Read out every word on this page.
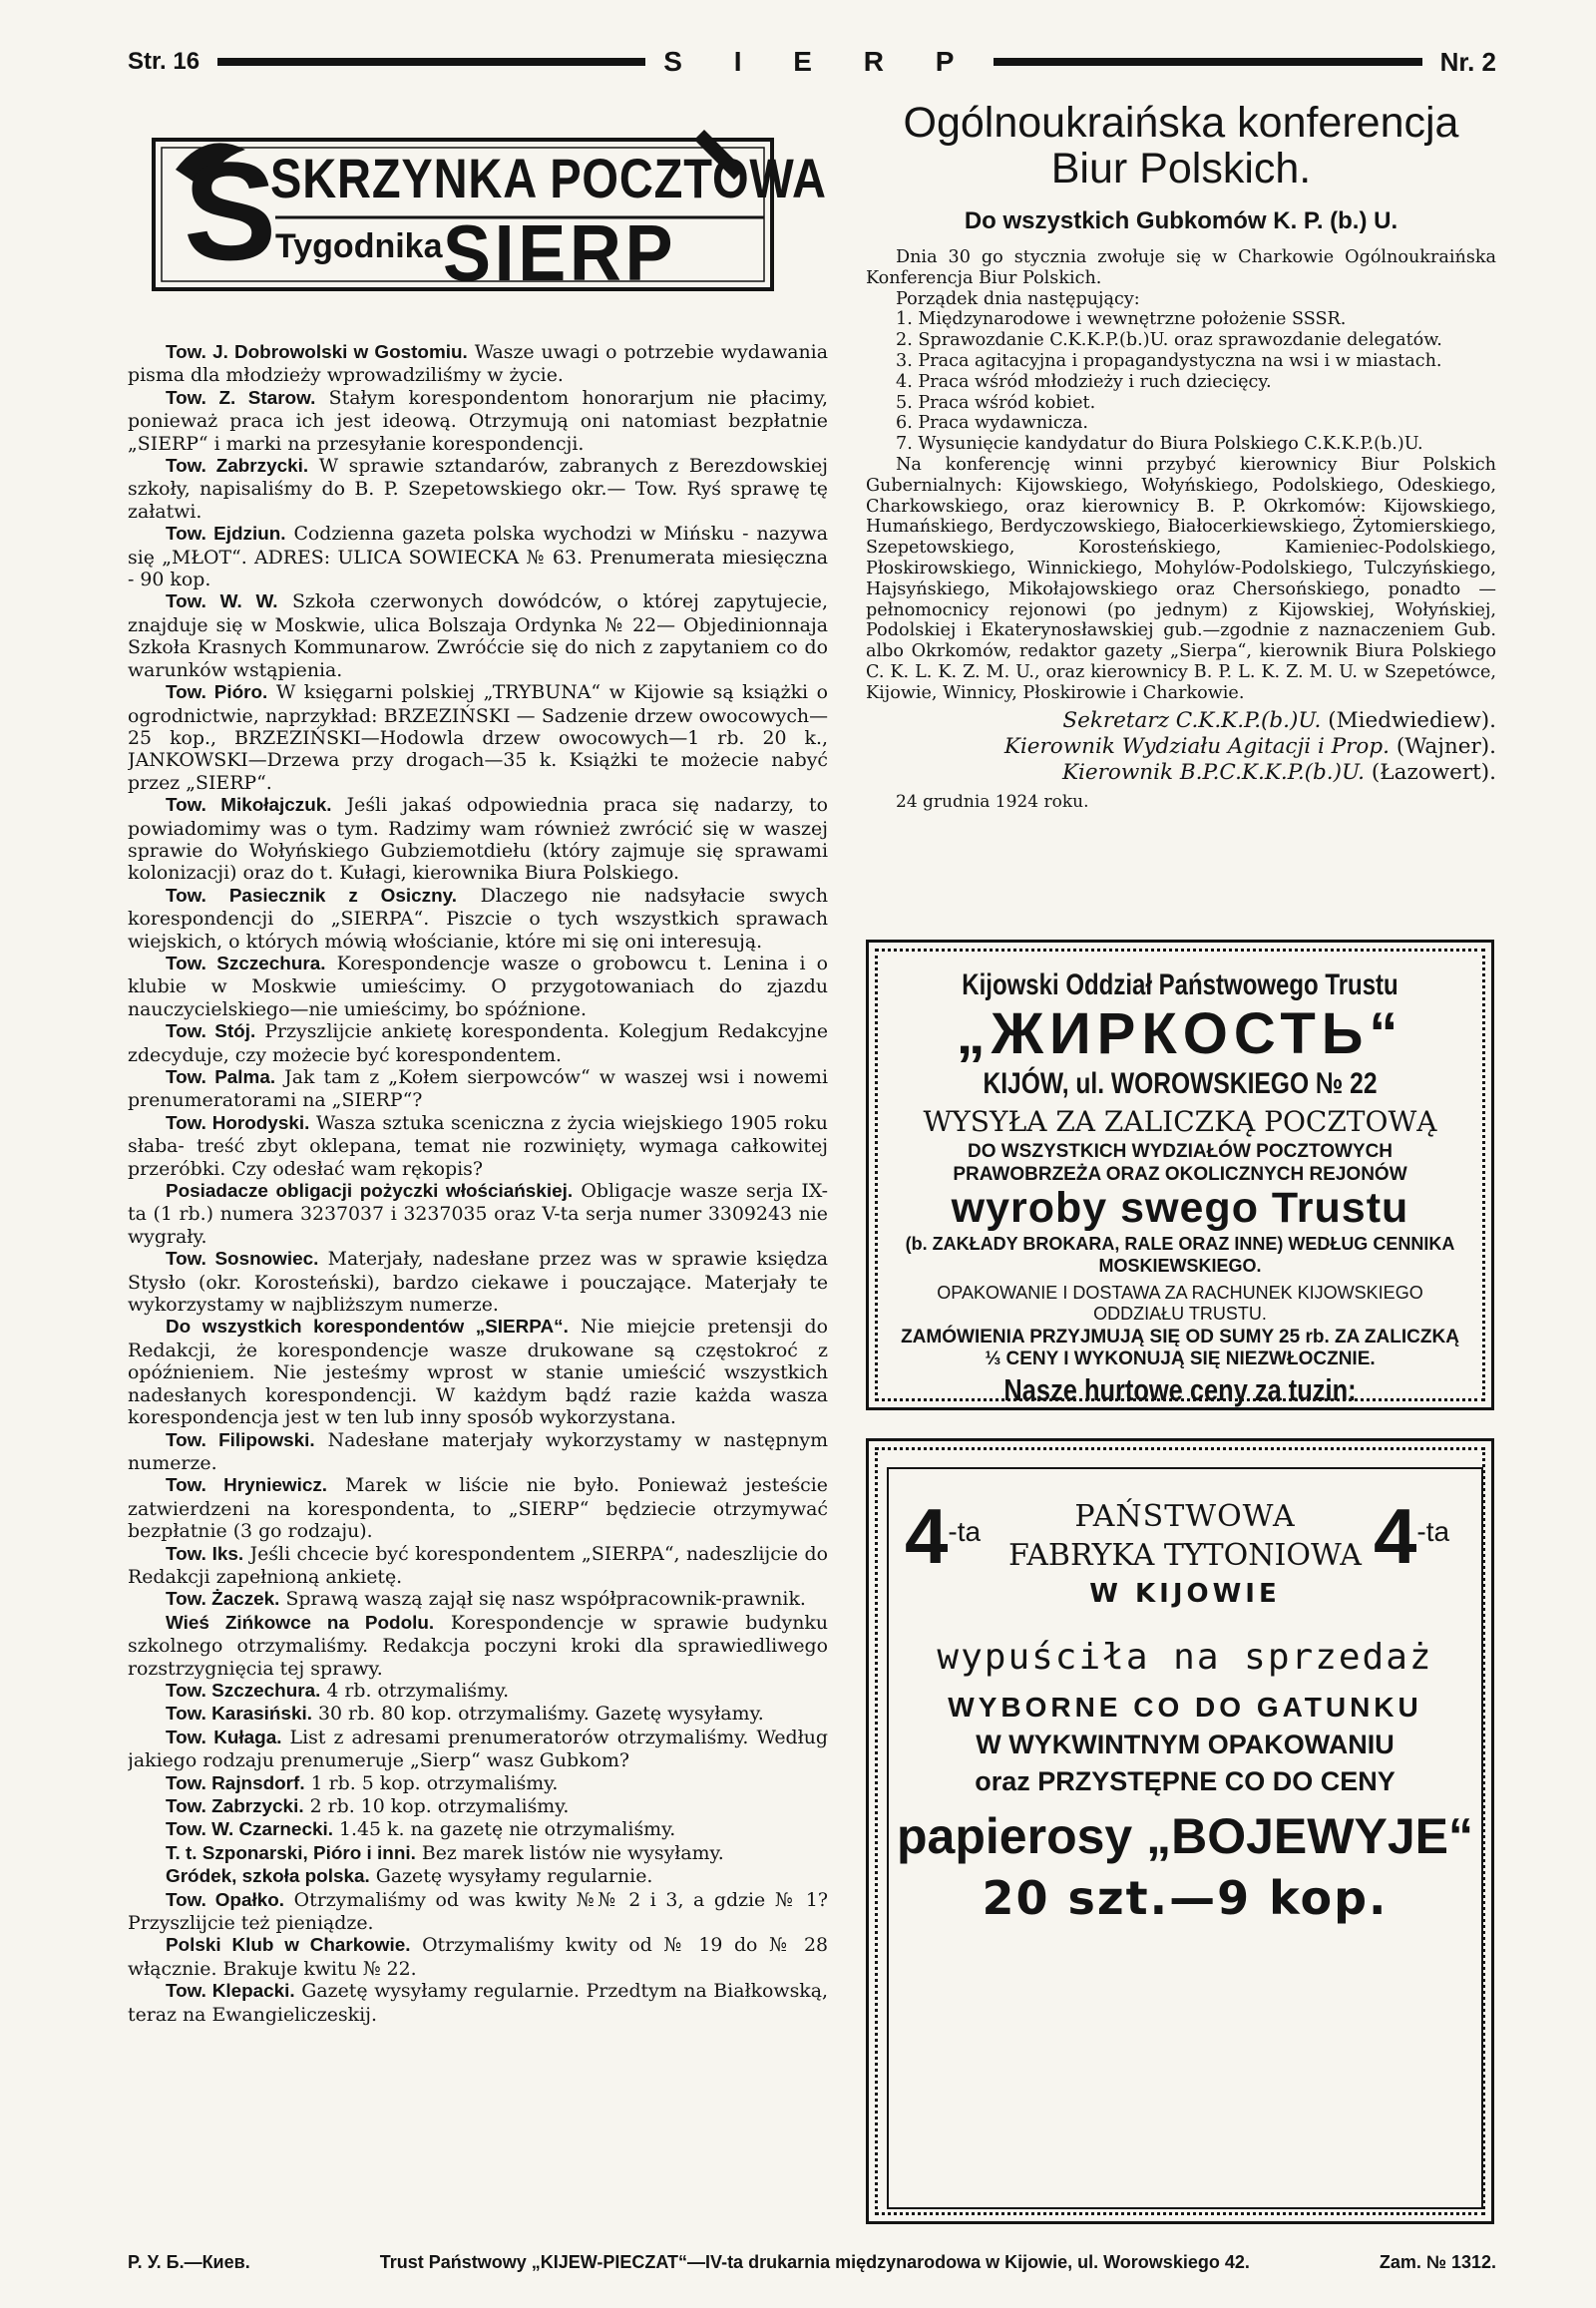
Str. 16	S I E R P	Nr. 2
S
SKRZYNKA POCZTOWA
Tygodnika SIERP

Tow. J. Dobrowolski w Gostomiu. Wasze uwagi o potrzebie wydawania pisma dla młodzieży wprowadziliśmy w życie.

Tow. Z. Starow. Stałym korespondentom honorarjum nie płacimy, ponieważ praca ich jest ideową. Otrzymują oni natomiast bezpłatnie „SIERP“ i marki na przesyłanie korespondencji.

Tow. Zabrzycki. W sprawie sztandarów, zabranych z Berezdowskiej szkoły, napisaliśmy do B. P. Szepetowskiego okr.— Tow. Ryś sprawę tę załatwi.

Tow. Ejdziun. Codzienna gazeta polska wychodzi w Mińsku - nazywa się „MŁOT“. ADRES: ULICA SOWIECKA № 63. Prenumerata miesięczna - 90 kop.

Tow. W. W. Szkoła czerwonych dowódców, o której zapytujecie, znajduje się w Moskwie, ulica Bolszaja Ordynka № 22— Objedinionnaja Szkoła Krasnych Kommunarow. Zwróćcie się do nich z zapytaniem co do warunków wstąpienia.

Tow. Pióro. W księgarni polskiej „TRYBUNA“ w Kijowie są książki o ogrodnictwie, naprzykład: BRZEZIŃSKI — Sadzenie drzew owocowych—25 kop., BRZEZIŃSKI—Hodowla drzew owocowych—1 rb. 20 k., JANKOWSKI—Drzewa przy drogach—35 k. Książki te możecie nabyć przez „SIERP“.

Tow. Mikołajczuk. Jeśli jakaś odpowiednia praca się nadarzy, to powiadomimy was o tym. Radzimy wam również zwrócić się w waszej sprawie do Wołyńskiego Gubziemotdiełu (który zajmuje się sprawami kolonizacji) oraz do t. Kułagi, kierownika Biura Polskiego.

Tow. Pasiecznik z Osiczny. Dlaczego nie nadsyłacie swych korespondencji do „SIERPA“. Piszcie o tych wszystkich sprawach wiejskich, o których mówią włościanie, które mi się oni interesują.

Tow. Szczechura. Korespondencje wasze o grobowcu t. Lenina i o klubie w Moskwie umieścimy. O przygotowaniach do zjazdu nauczycielskiego—nie umieścimy, bo spóźnione.

Tow. Stój. Przyszlijcie ankietę korespondenta. Kolegjum Redakcyjne zdecyduje, czy możecie być korespondentem.

Tow. Palma. Jak tam z „Kołem sierpowców“ w waszej wsi i nowemi prenumeratorami na „SIERP“?

Tow. Horodyski. Wasza sztuka sceniczna z życia wiejskiego 1905 roku słaba- treść zbyt oklepana, temat nie rozwinięty, wymaga całkowitej przeróbki. Czy odesłać wam rękopis?

Posiadacze obligacji pożyczki włościańskiej. Obligacje wasze serja IX-ta (1 rb.) numera 3237037 i 3237035 oraz V-ta serja numer 3309243 nie wygrały.

Tow. Sosnowiec. Materjały, nadesłane przez was w sprawie księdza Stysło (okr. Korosteński), bardzo ciekawe i pouczające. Materjały te wykorzystamy w najbliższym numerze.

Do wszystkich korespondentów „SIERPA“. Nie miejcie pretensji do Redakcji, że korespondencje wasze drukowane są częstokroć z opóźnieniem. Nie jesteśmy wprost w stanie umieścić wszystkich nadesłanych korespondencji. W każdym bądź razie każda wasza korespondencja jest w ten lub inny sposób wykorzystana.

Tow. Filipowski. Nadesłane materjały wykorzystamy w następnym numerze.

Tow. Hryniewicz. Marek w liście nie było. Ponieważ jesteście zatwierdzeni na korespondenta, to „SIERP“ będziecie otrzymywać bezpłatnie (3 go rodzaju).

Tow. Iks. Jeśli chcecie być korespondentem „SIERPA“, nadeszlijcie do Redakcji zapełnioną ankietę.

Tow. Żaczek. Sprawą waszą zajął się nasz współpracownik-prawnik.

Wieś Zińkowce na Podolu. Korespondencje w sprawie budynku szkolnego otrzymaliśmy. Redakcja poczyni kroki dla sprawiedliwego rozstrzygnięcia tej sprawy.

Tow. Szczechura. 4 rb. otrzymaliśmy.

Tow. Karasiński. 30 rb. 80 kop. otrzymaliśmy. Gazetę wysyłamy.

Tow. Kułaga. List z adresami prenumeratorów otrzymaliśmy. Według jakiego rodzaju prenumeruje „Sierp“ wasz Gubkom?

Tow. Rajnsdorf. 1 rb. 5 kop. otrzymaliśmy.

Tow. Zabrzycki. 2 rb. 10 kop. otrzymaliśmy.

Tow. W. Czarnecki. 1.45 k. na gazetę nie otrzymaliśmy.

T. t. Szponarski, Pióro i inni. Bez marek listów nie wysyłamy.

Gródek, szkoła polska. Gazetę wysyłamy regularnie.

Tow. Opałko. Otrzymaliśmy od was kwity №№ 2 i 3, a gdzie № 1? Przyszlijcie też pieniądze.

Polski Klub w Charkowie. Otrzymaliśmy kwity od № 19 do № 28 włącznie. Brakuje kwitu № 22.

Tow. Klepacki. Gazetę wysyłamy regularnie. Przedtym na Białkowską, teraz na Ewangieliczeskij.

Ogólnoukraińska konferencja
Biur Polskich.
Do wszystkich Gubkomów K. P. (b.) U.

Dnia 30 go stycznia zwołuje się w Charkowie Ogólnoukraińska Konferencja Biur Polskich.

Porządek dnia następujący:

1. Międzynarodowe i wewnętrzne położenie SSSR.
2. Sprawozdanie C.K.K.P.(b.)U. oraz sprawozdanie delegatów.
3. Praca agitacyjna i propagandystyczna na wsi i w miastach.
4. Praca wśród młodzieży i ruch dziecięcy.
5. Praca wśród kobiet.
6. Praca wydawnicza.
7. Wysunięcie kandydatur do Biura Polskiego C.K.K.P.(b.)U.

Na konferencję winni przybyć kierownicy Biur Polskich Gubernialnych: Kijowskiego, Wołyńskiego, Podolskiego, Odeskiego, Charkowskiego, oraz kierownicy B. P. Okrkomów: Kijowskiego, Humańskiego, Berdyczowskiego, Białocerkiewskiego, Żytomierskiego, Szepetowskiego, Korosteńskiego, Kamieniec-Podolskiego, Płoskirowskiego, Winnickiego, Mohylów-Podolskiego, Tulczyńskiego, Hajsyńskiego, Mikołajowskiego oraz Chersońskiego, ponadto — pełnomocnicy rejonowi (po jednym) z Kijowskiej, Wołyńskiej, Podolskiej i Ekaterynosławskiej gub.—zgodnie z naznaczeniem Gub. albo Okrkomów, redaktor gazety „Sierpa“, kierownik Biura Polskiego C. K. L. K. Z. M. U., oraz kierownicy B. P. L. K. Z. M. U. w Szepetówce, Kijowie, Winnicy, Płoskirowie i Charkowie.

Sekretarz C.K.K.P.(b.)U. (Miedwiediew).
Kierownik Wydziału Agitacji i Prop. (Wajner).
Kierownik B.P.C.K.K.P.(b.)U. (Łazowert).
24 grudnia 1924 roku.
Kijowski Oddział Państwowego Trustu
„ЖИРКОСТЬ“
KIJÓW, ul. WOROWSKIEGO № 22
WYSYŁA ZA ZALICZKĄ POCZTOWĄ
DO WSZYSTKICH WYDZIAŁÓW POCZTOWYCH PRAWOBRZEŻA ORAZ OKOLICZNYCH REJONÓW
wyroby swego Trustu
(b. ZAKŁADY BROKARA, RALE ORAZ INNE) WEDŁUG CENNIKA MOSKIEWSKIEGO.
OPAKOWANIE I DOSTAWA ZA RACHUNEK KIJOWSKIEGO ODDZIAŁU TRUSTU.
ZAMÓWIENIA PRZYJMUJĄ SIĘ OD SUMY 25 rb. ZA ZALICZKĄ ⅓ CENY I WYKONUJĄ SIĘ NIEZWŁOCZNIE.
Nasze hurtowe ceny za tuzin:
$4^{-ta}$	$4^{-ta}$
PAŃSTWOWA
FABRYKA TYTONIOWA
W KIJOWIE
wypuściła na sprzedaż
WYBORNE CO DO GATUNKU
W WYKWINTNYM OPAKOWANIU
oraz PRZYSTĘPNE CO DO CENY
papierosy „BOJEWYJE“
20 szt.—9 kop.
P. У. Б.—Киев.	Trust Państwowy „KIJEW-PIECZAT“—IV-ta drukarnia międzynarodowa w Kijowie, ul. Worowskiego 42.	Zam. № 1312.
